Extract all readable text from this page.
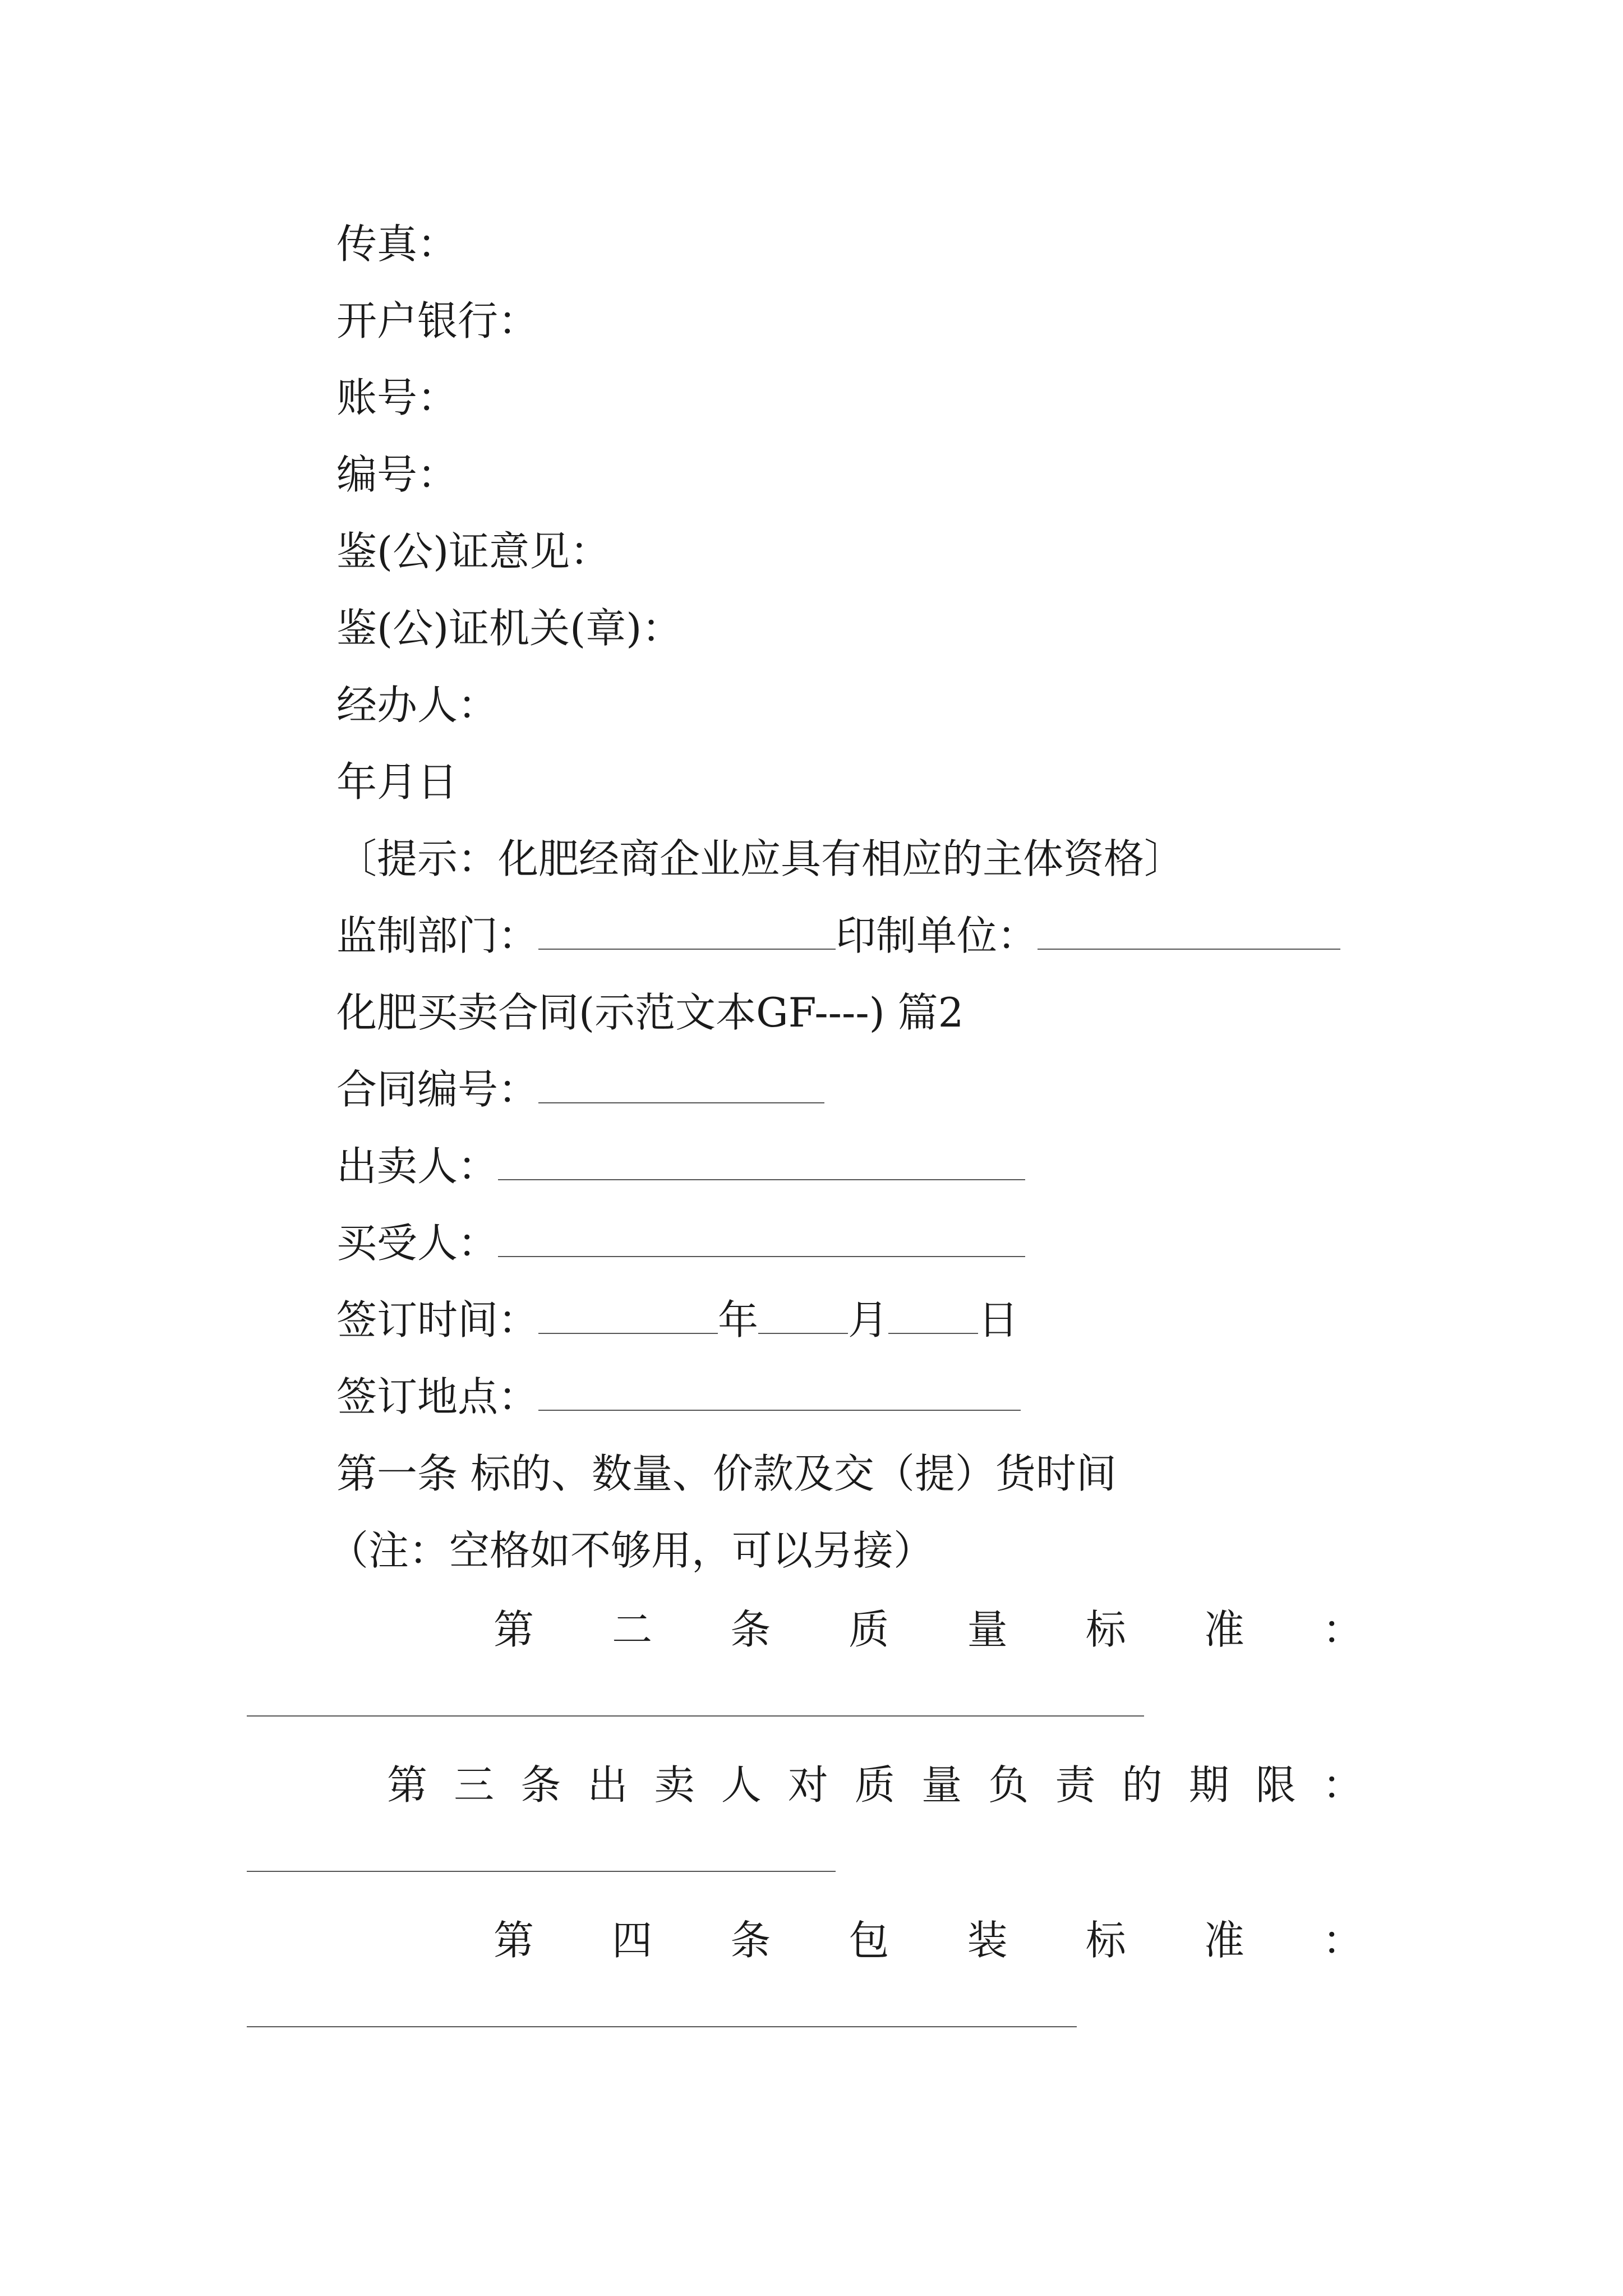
传真：
开户银行：
账号：
编号：
鉴(公)证意见：
鉴(公)证机关(章)：
经办人：
年月日
〔提示：化肥经商企业应具有相应的主体资格〕
监制部门：	印制单位：
化肥买卖合同(示范文本GF----) 篇2
合同编号：
出卖人：
买受人：
签订时间：	年 月 日
签订地点：
第一条 标的、数量、价款及交（提）货时间
（注：空格如不够用，可以另接）
第 二 条 质 量 标 准 ：
第 三 条 出 卖 人 对 质 量 负 责 的 期 限 ：
第 四 条 包 装 标 准 ：
